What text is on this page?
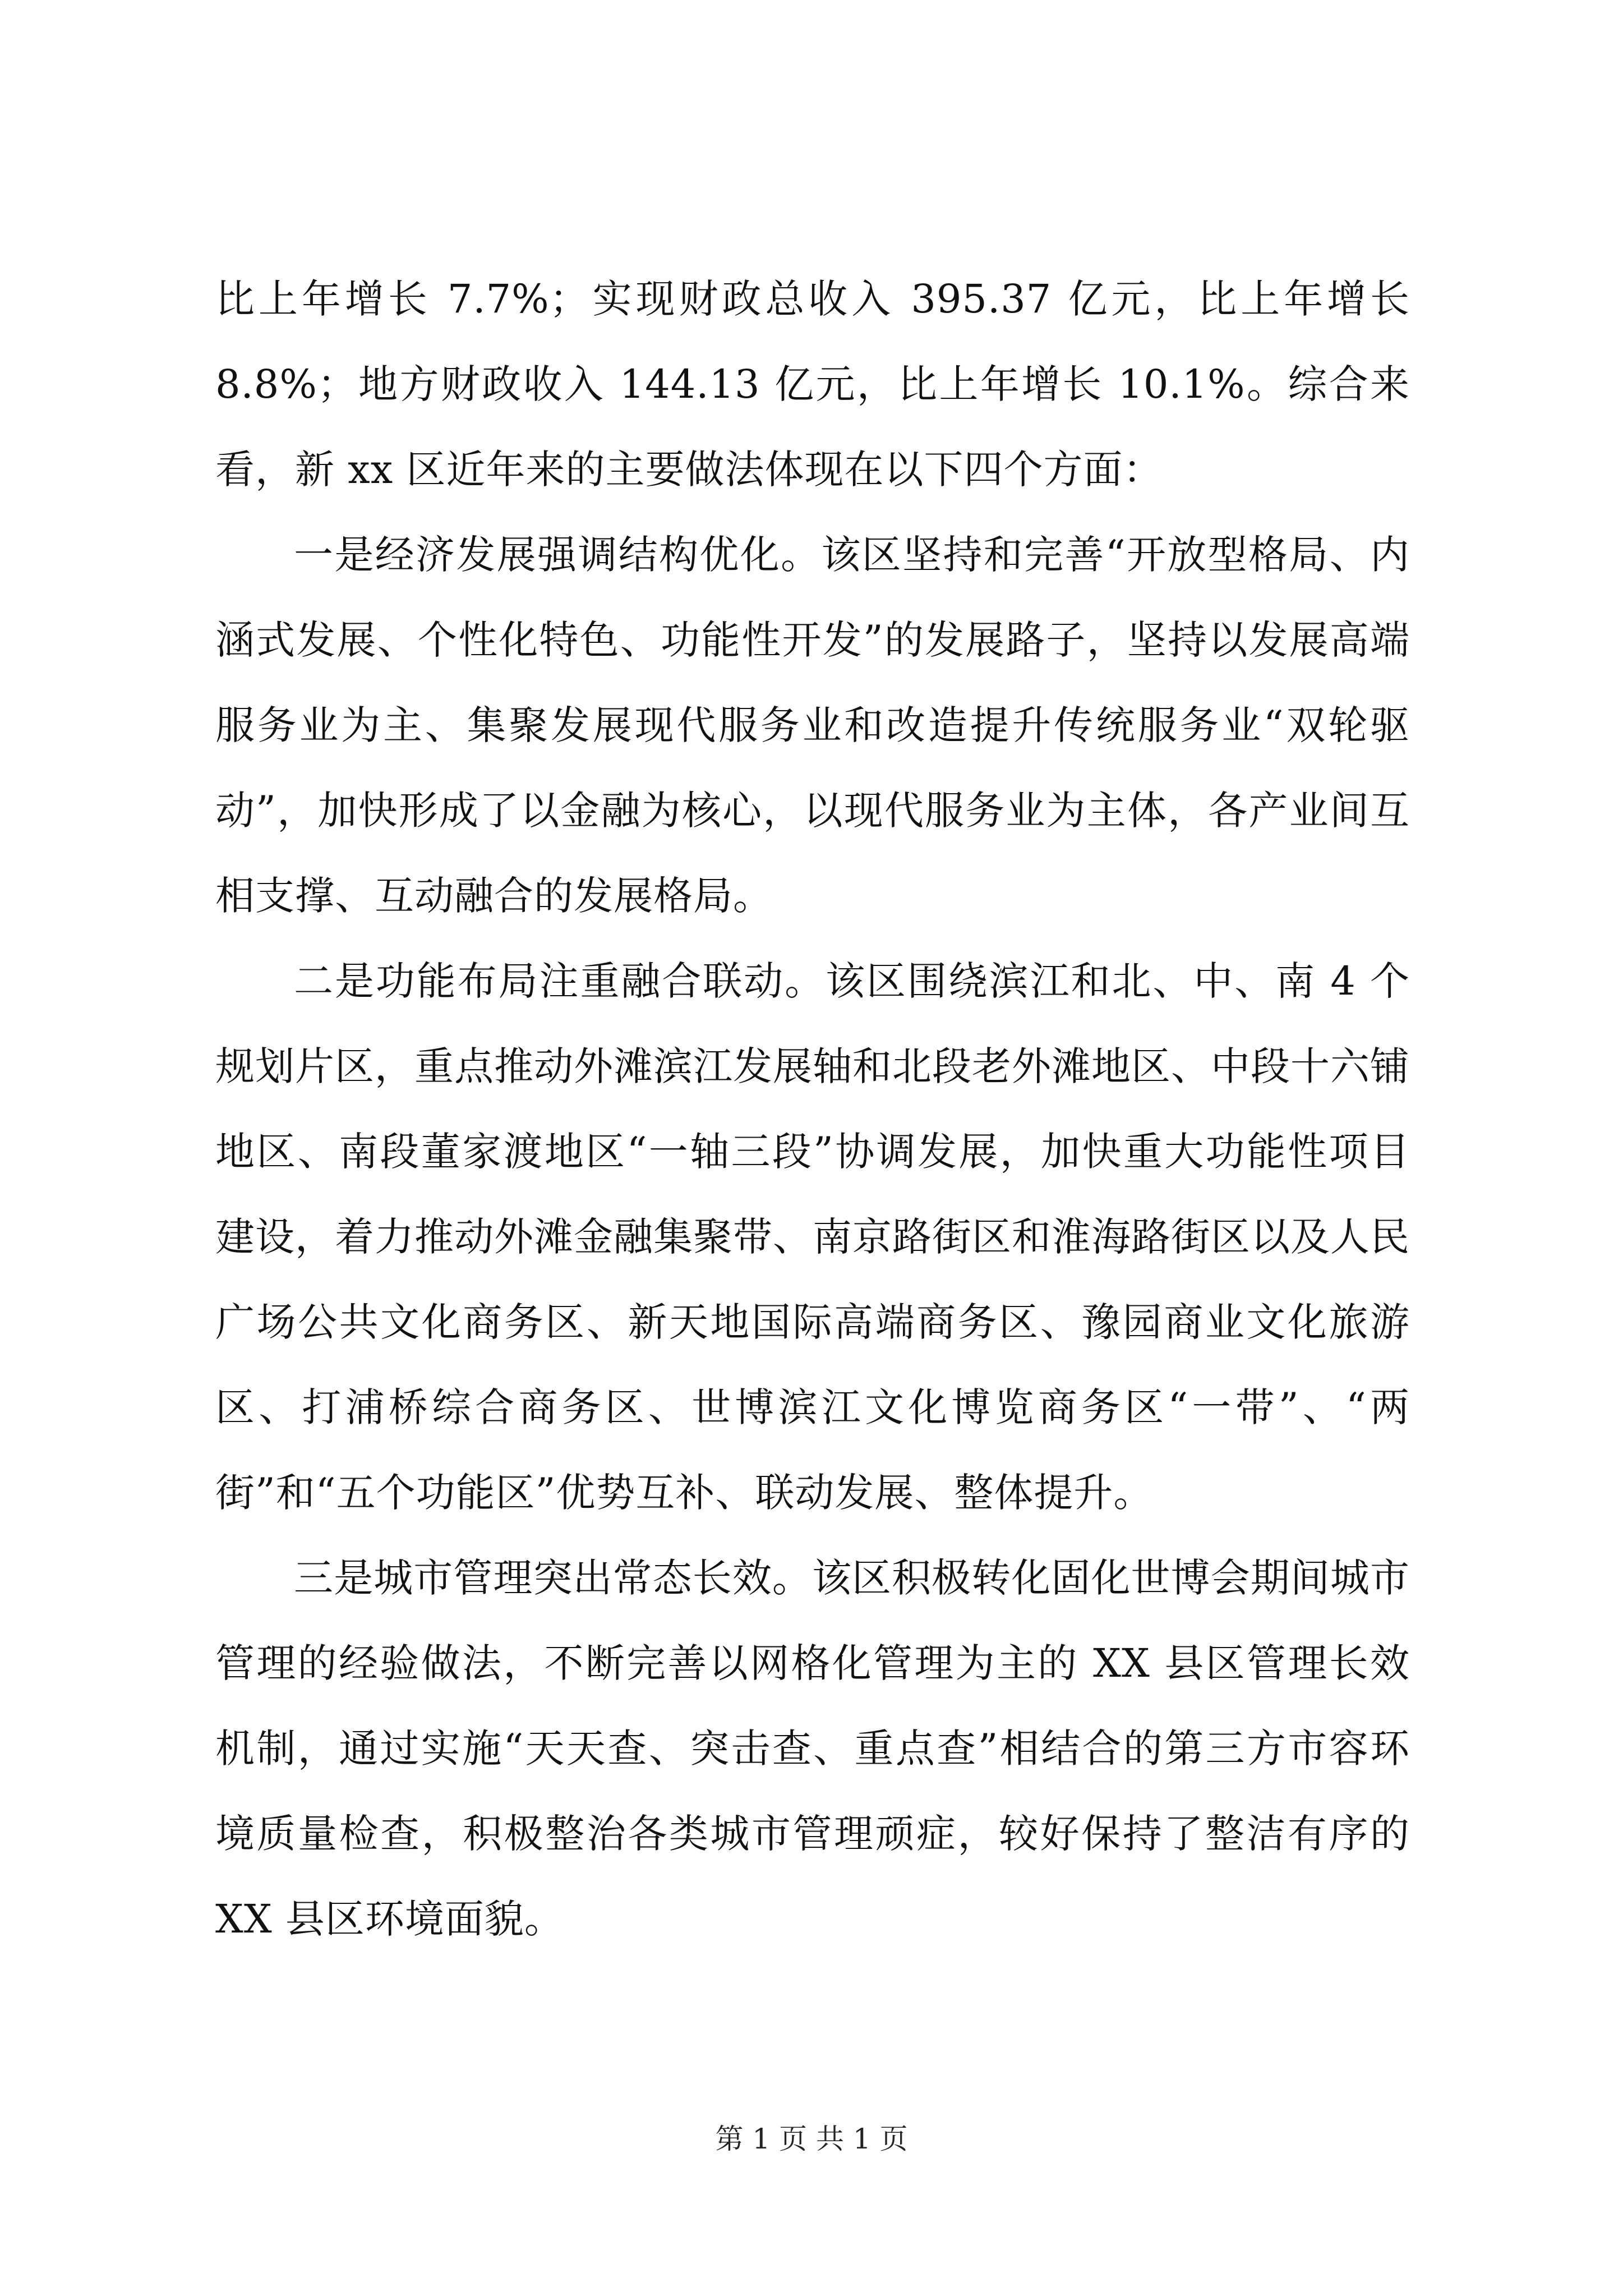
比上年增长 7.7%；实现财政总收入 395.37 亿元，比上年增长 8.8%；地方财政收入 144.13 亿元，比上年增长 10.1%。综合来看，新 xx 区近年来的主要做法体现在以下四个方面：

一是经济发展强调结构优化。该区坚持和完善“开放型格局、内涵式发展、个性化特色、功能性开发”的发展路子，坚持以发展高端服务业为主、集聚发展现代服务业和改造提升传统服务业“双轮驱动”，加快形成了以金融为核心，以现代服务业为主体，各产业间互相支撑、互动融合的发展格局。

二是功能布局注重融合联动。该区围绕滨江和北、中、南 4 个规划片区，重点推动外滩滨江发展轴和北段老外滩地区、中段十六铺地区、南段董家渡地区“一轴三段”协调发展，加快重大功能性项目建设，着力推动外滩金融集聚带、南京路街区和淮海路街区以及人民广场公共文化商务区、新天地国际高端商务区、豫园商业文化旅游区、打浦桥综合商务区、世博滨江文化博览商务区“一带”、“两街”和“五个功能区”优势互补、联动发展、整体提升。

三是城市管理突出常态长效。该区积极转化固化世博会期间城市管理的经验做法，不断完善以网格化管理为主的 XX 县区管理长效机制，通过实施“天天查、突击查、重点查”相结合的第三方市容环境质量检查，积极整治各类城市管理顽症，较好保持了整洁有序的 XX 县区环境面貌。

第 1 页 共 1 页
